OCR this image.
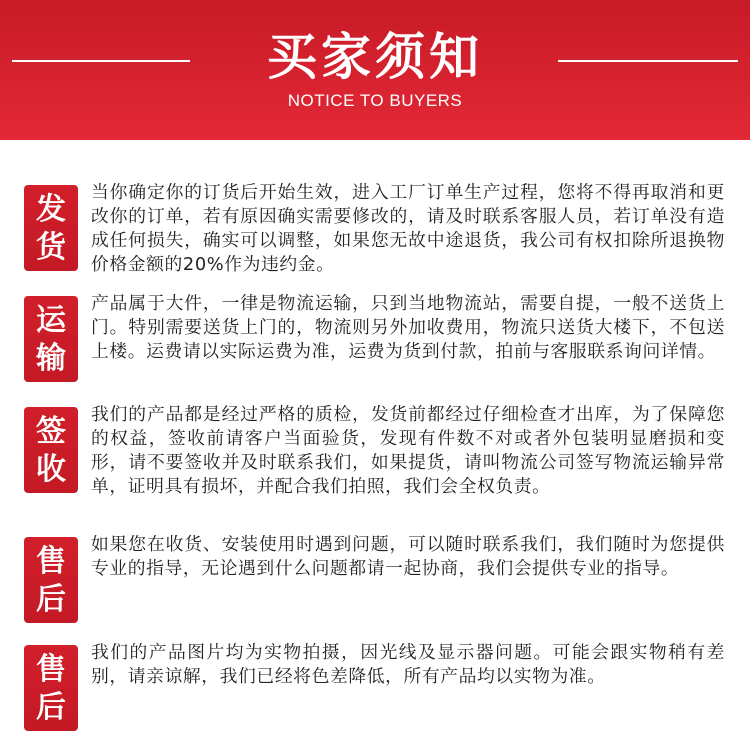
买家须知
NOTICE TO BUYERS
发
货
当你确定你的订货后开始生效，进入工厂订单生产过程，您将不得再取消和更改你的订单，若有原因确实需要修改的，请及时联系客服人员，若订单没有造成任何损失，确实可以调整，如果您无故中途退货，我公司有权扣除所退换物价格金额的20%作为违约金。
运
输
产品属于大件，一律是物流运输，只到当地物流站，需要自提，一般不送货上门。特别需要送货上门的，物流则另外加收费用，物流只送货大楼下，不包送上楼。运费请以实际运费为准，运费为货到付款，拍前与客服联系询问详情。
签
收
我们的产品都是经过严格的质检，发货前都经过仔细检查才出库，为了保障您的权益，签收前请客户当面验货，发现有件数不对或者外包装明显磨损和变形，请不要签收并及时联系我们，如果提货，请叫物流公司签写物流运输异常单，证明具有损坏，并配合我们拍照，我们会全权负责。
售
后
如果您在收货、安装使用时遇到问题，可以随时联系我们，我们随时为您提供专业的指导，无论遇到什么问题都请一起协商，我们会提供专业的指导。
售
后
我们的产品图片均为实物拍摄，因光线及显示器问题。可能会跟实物稍有差别，请亲谅解，我们已经将色差降低，所有产品均以实物为准。
